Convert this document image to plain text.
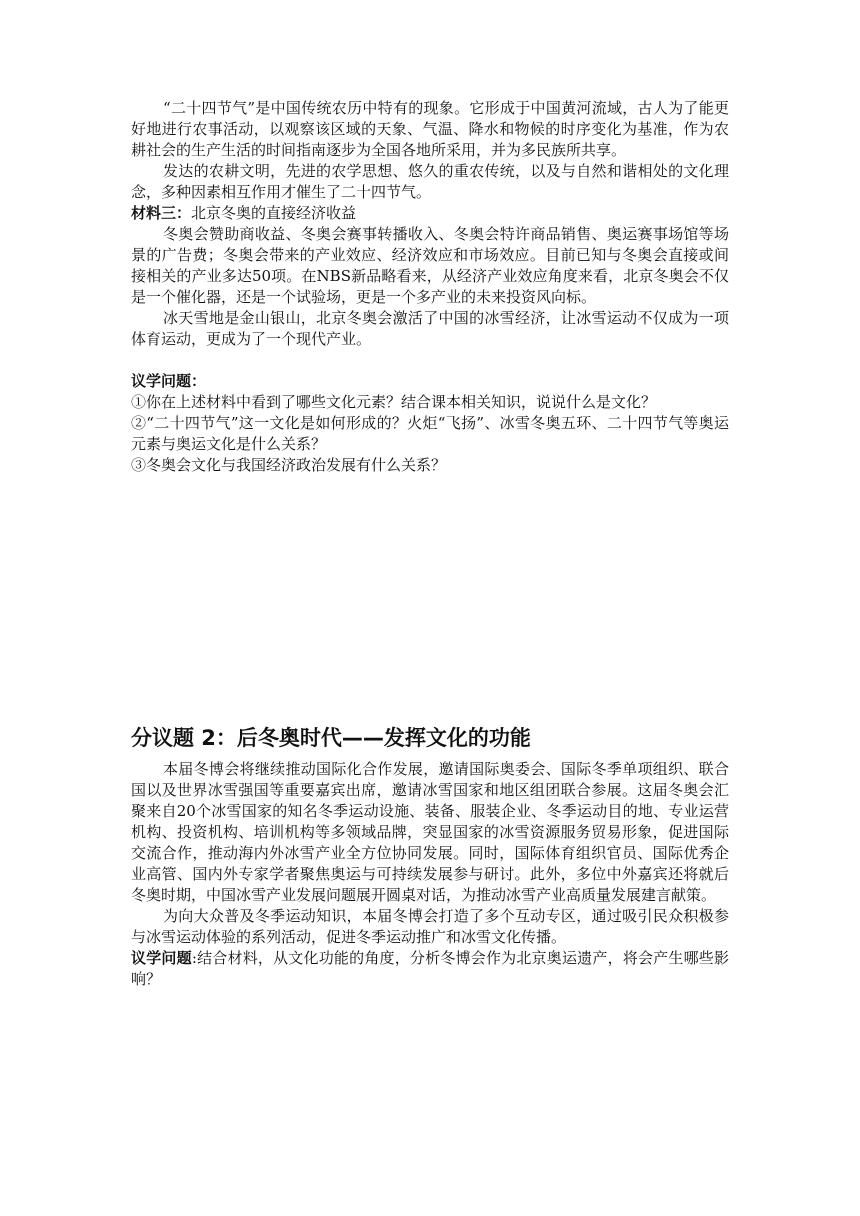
“二十四节气”是中国传统农历中特有的现象。它形成于中国黄河流域，古人为了能更好地进行农事活动，以观察该区域的天象、气温、降水和物候的时序变化为基准，作为农耕社会的生产生活的时间指南逐步为全国各地所采用，并为多民族所共享。

发达的农耕文明，先进的农学思想、悠久的重农传统，以及与自然和谐相处的文化理念，多种因素相互作用才催生了二十四节气。

材料三：北京冬奥的直接经济收益

冬奥会赞助商收益、冬奥会赛事转播收入、冬奥会特许商品销售、奥运赛事场馆等场景的广告费；冬奥会带来的产业效应、经济效应和市场效应。目前已知与冬奥会直接或间接相关的产业多达50项。在NBS新品略看来，从经济产业效应角度来看，北京冬奥会不仅是一个催化器，还是一个试验场，更是一个多产业的未来投资风向标。

冰天雪地是金山银山，北京冬奥会激活了中国的冰雪经济，让冰雪运动不仅成为一项体育运动，更成为了一个现代产业。

议学问题：

①你在上述材料中看到了哪些文化元素？结合课本相关知识，说说什么是文化？

②“二十四节气”这一文化是如何形成的？火炬“飞扬”、冰雪冬奥五环、二十四节气等奥运元素与奥运文化是什么关系？

③冬奥会文化与我国经济政治发展有什么关系？

分议题 2：后冬奥时代——发挥文化的功能

本届冬博会将继续推动国际化合作发展，邀请国际奥委会、国际冬季单项组织、联合国以及世界冰雪强国等重要嘉宾出席，邀请冰雪国家和地区组团联合参展。这届冬奥会汇聚来自20个冰雪国家的知名冬季运动设施、装备、服装企业、冬季运动目的地、专业运营机构、投资机构、培训机构等多领域品牌，突显国家的冰雪资源服务贸易形象，促进国际交流合作，推动海内外冰雪产业全方位协同发展。同时，国际体育组织官员、国际优秀企业高管、国内外专家学者聚焦奥运与可持续发展参与研讨。此外，多位中外嘉宾还将就后冬奥时期，中国冰雪产业发展问题展开圆桌对话，为推动冰雪产业高质量发展建言献策。

为向大众普及冬季运动知识，本届冬博会打造了多个互动专区，通过吸引民众积极参与冰雪运动体验的系列活动，促进冬季运动推广和冰雪文化传播。

议学问题:结合材料，从文化功能的角度，分析冬博会作为北京奥运遗产，将会产生哪些影响？
